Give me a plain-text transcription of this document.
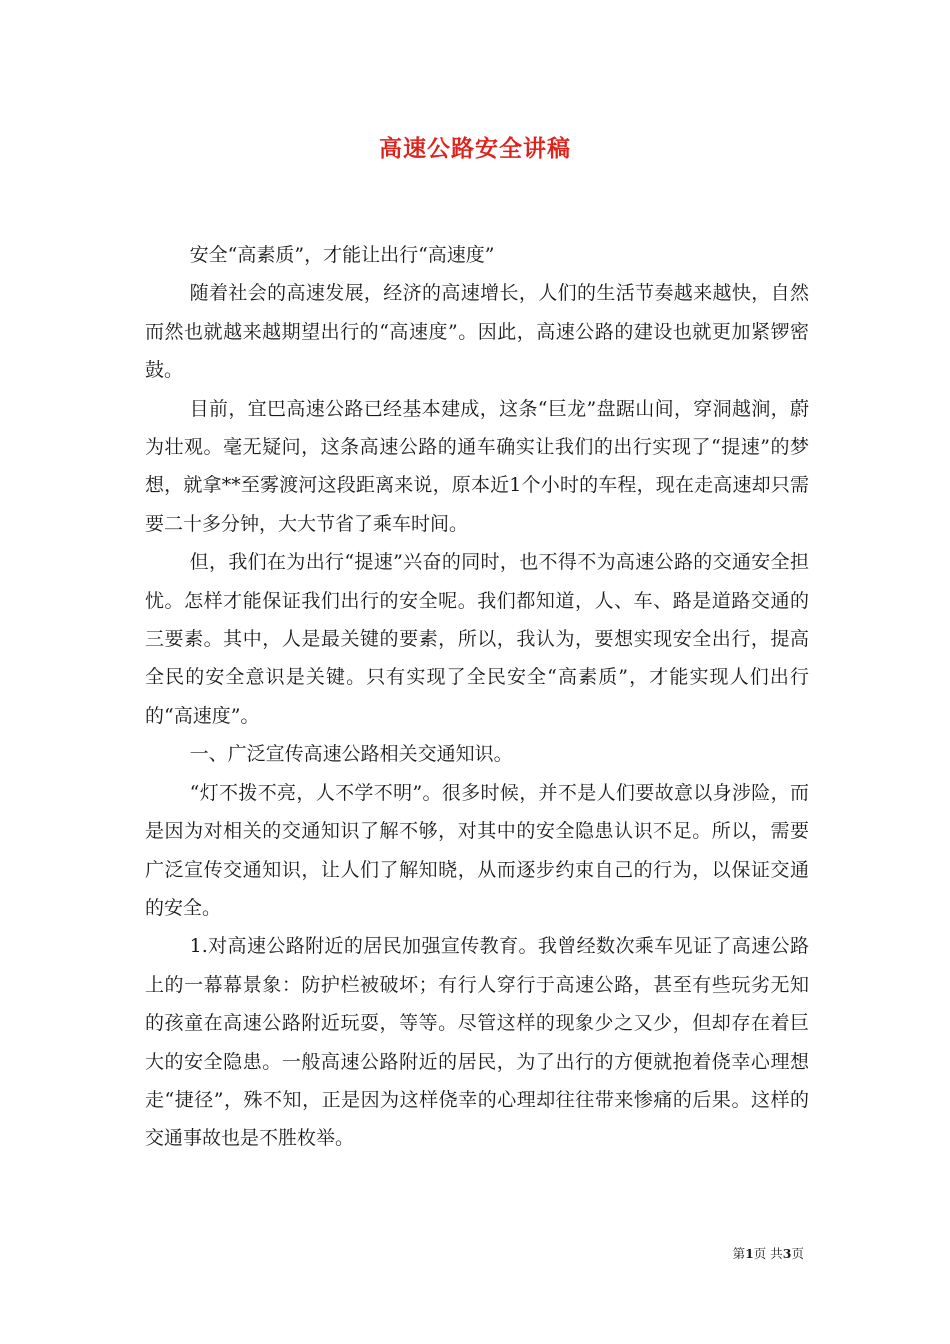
高速公路安全讲稿

安全“高素质”，才能让出行“高速度”

随着社会的高速发展，经济的高速增长，人们的生活节奏越来越快，自然而然也就越来越期望出行的“高速度”。因此，高速公路的建设也就更加紧锣密鼓。

目前，宜巴高速公路已经基本建成，这条“巨龙”盘踞山间，穿洞越涧，蔚为壮观。毫无疑问，这条高速公路的通车确实让我们的出行实现了“提速”的梦想，就拿**至雾渡河这段距离来说，原本近1个小时的车程，现在走高速却只需要二十多分钟，大大节省了乘车时间。

但，我们在为出行“提速”兴奋的同时，也不得不为高速公路的交通安全担忧。怎样才能保证我们出行的安全呢。我们都知道，人、车、路是道路交通的三要素。其中，人是最关键的要素，所以，我认为，要想实现安全出行，提高全民的安全意识是关键。只有实现了全民安全“高素质”，才能实现人们出行的“高速度”。

一、广泛宣传高速公路相关交通知识。

“灯不拨不亮，人不学不明”。很多时候，并不是人们要故意以身涉险，而是因为对相关的交通知识了解不够，对其中的安全隐患认识不足。所以，需要广泛宣传交通知识，让人们了解知晓，从而逐步约束自己的行为，以保证交通的安全。

1.对高速公路附近的居民加强宣传教育。我曾经数次乘车见证了高速公路上的一幕幕景象：防护栏被破坏；有行人穿行于高速公路，甚至有些玩劣无知的孩童在高速公路附近玩耍，等等。尽管这样的现象少之又少，但却存在着巨大的安全隐患。一般高速公路附近的居民，为了出行的方便就抱着侥幸心理想走“捷径”，殊不知，正是因为这样侥幸的心理却往往带来惨痛的后果。这样的交通事故也是不胜枚举。

第1页 共3页
